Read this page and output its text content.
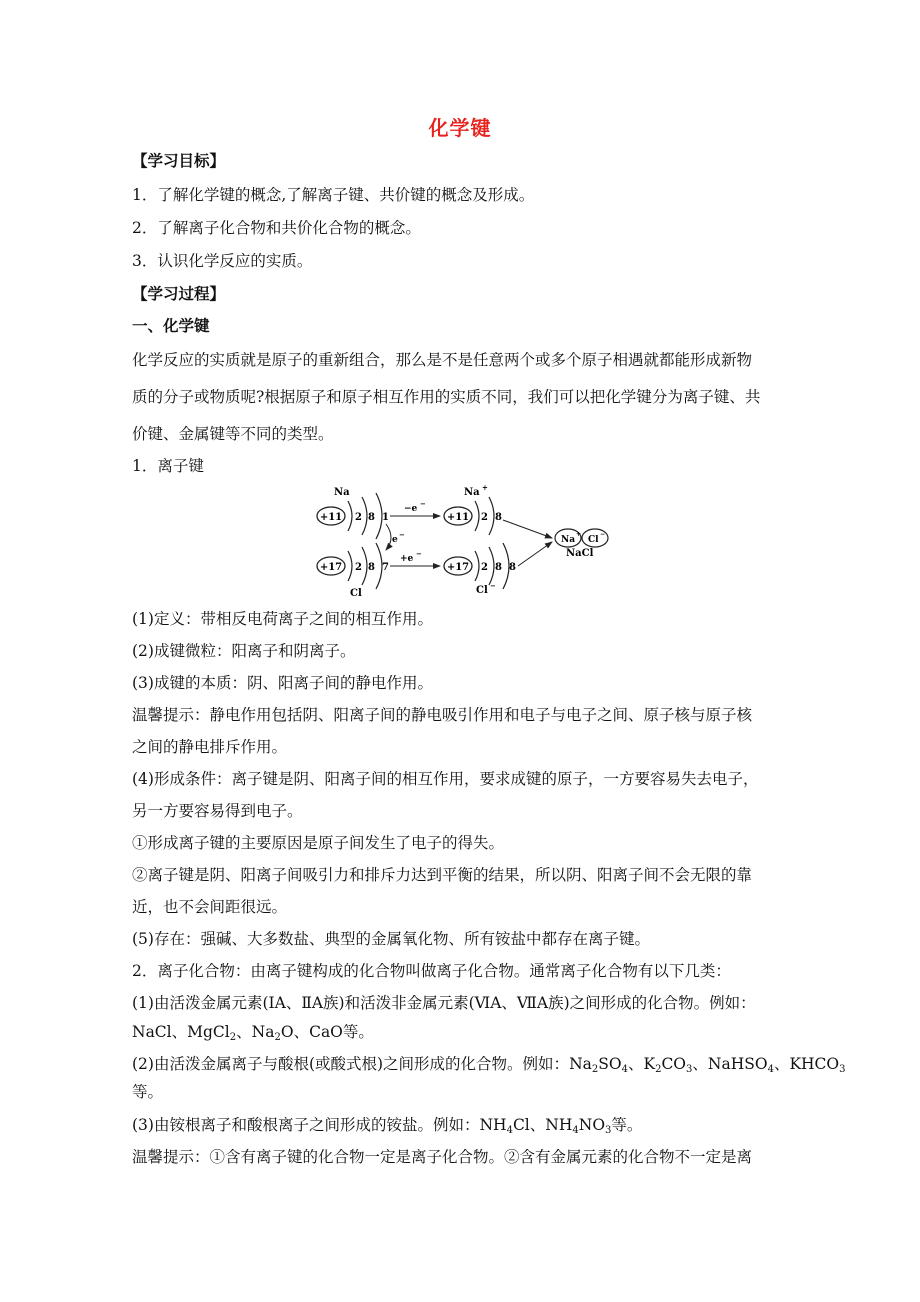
化学键
【学习目标】
1．了解化学键的概念,了解离子键、共价键的概念及形成。
2．了解离子化合物和共价化合物的概念。
3．认识化学反应的实质。
【学习过程】
一、化学键
化学反应的实质就是原子的重新组合，那么是不是任意两个或多个原子相遇就都能形成新物
质的分子或物质呢?根据原子和原子相互作用的实质不同，我们可以把化学键分为离子键、共
价键、金属键等不同的类型。
1．离子键
Na
+11 2 8 1
−e
−
Na +
+11 2 8
e
−
+17 2 8 7
Cl
+e
−
+17 2 8 8
Cl −
Na
+
Cl
−
NaCl
(1)定义：带相反电荷离子之间的相互作用。
(2)成键微粒：阳离子和阴离子。
(3)成键的本质：阴、阳离子间的静电作用。
温馨提示：静电作用包括阴、阳离子间的静电吸引作用和电子与电子之间、原子核与原子核
之间的静电排斥作用。
(4)形成条件：离子键是阴、阳离子间的相互作用，要求成键的原子，一方要容易失去电子，
另一方要容易得到电子。
①形成离子键的主要原因是原子间发生了电子的得失。
②离子键是阴、阳离子间吸引力和排斥力达到平衡的结果，所以阴、阳离子间不会无限的靠
近，也不会间距很远。
(5)存在：强碱、大多数盐、典型的金属氧化物、所有铵盐中都存在离子键。
2．离子化合物：由离子键构成的化合物叫做离子化合物。通常离子化合物有以下几类：
(1)由活泼金属元素(ⅠA、ⅡA族)和活泼非金属元素(ⅥA、ⅦA族)之间形成的化合物。例如：
NaCl、MgCl$_2$、$Na_2O$、CaO等。
(2)由活泼金属离子与酸根(或酸式根)之间形成的化合物。例如：$Na_2SO_4$、$K_2CO_3$、NaHSO$_4$、$KHCO_3$
等。
(3)由铵根离子和酸根离子之间形成的铵盐。例如：$NH_4Cl$、$NH_4NO_3$等。
温馨提示：①含有离子键的化合物一定是离子化合物。②含有金属元素的化合物不一定是离
